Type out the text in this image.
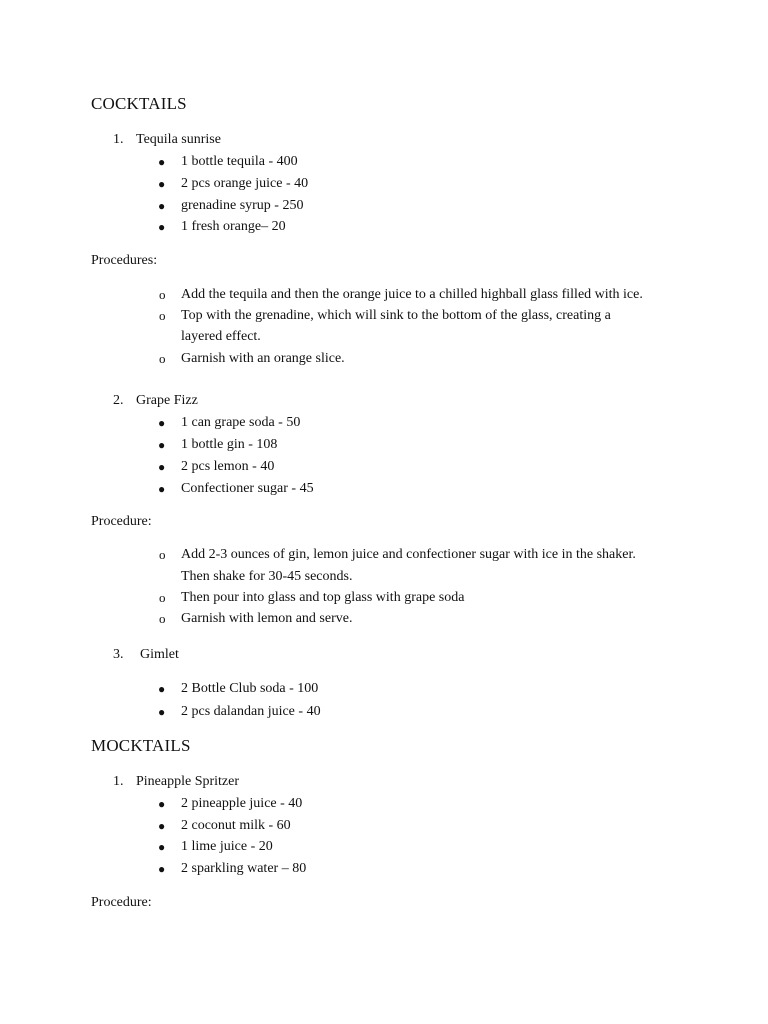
COCKTAILS
1. Tequila sunrise
● 1 bottle tequila - 400
● 2 pcs orange juice - 40
● grenadine syrup - 250
● 1 fresh orange– 20
Procedures:
o Add the tequila and then the orange juice to a chilled highball glass filled with ice.
o Top with the grenadine, which will sink to the bottom of the glass, creating a
layered effect.
o Garnish with an orange slice.
2. Grape Fizz
● 1 can grape soda - 50
● 1 bottle gin - 108
● 2 pcs lemon - 40
● Confectioner sugar - 45
Procedure:
o Add 2-3 ounces of gin, lemon juice and confectioner sugar with ice in the shaker.
Then shake for 30-45 seconds.
o Then pour into glass and top glass with grape soda
o Garnish with lemon and serve.
3.	Gimlet
● 2 Bottle Club soda - 100
● 2 pcs dalandan juice - 40
MOCKTAILS
1. Pineapple Spritzer
● 2 pineapple juice - 40
● 2 coconut milk - 60
● 1 lime juice - 20
● 2 sparkling water – 80
Procedure:
